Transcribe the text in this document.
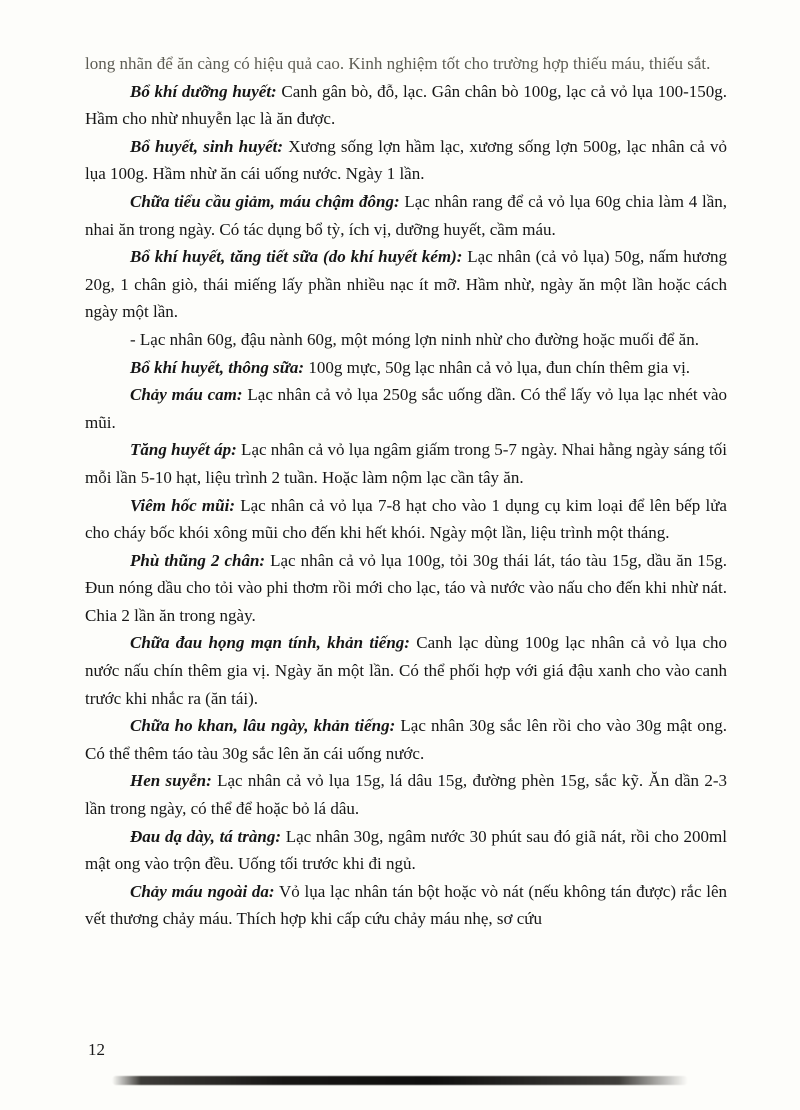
long nhãn để ăn càng có hiệu quả cao. Kinh nghiệm tốt cho trường hợp thiếu máu, thiếu sắt.

Bổ khí dưỡng huyết: Canh gân bò, đỗ, lạc. Gân chân bò 100g, lạc cả vỏ lụa 100-150g. Hầm cho nhừ nhuyễn lạc là ăn được.

Bổ huyết, sinh huyết: Xương sống lợn hầm lạc, xương sống lợn 500g, lạc nhân cả vỏ lụa 100g. Hầm nhừ ăn cái uống nước. Ngày 1 lần.

Chữa tiểu cầu giảm, máu chậm đông: Lạc nhân rang để cả vỏ lụa 60g chia làm 4 lần, nhai ăn trong ngày. Có tác dụng bổ tỳ, ích vị, dưỡng huyết, cầm máu.

Bổ khí huyết, tăng tiết sữa (do khí huyết kém): Lạc nhân (cả vỏ lụa) 50g, nấm hương 20g, 1 chân giò, thái miếng lấy phần nhiều nạc ít mỡ. Hầm nhừ, ngày ăn một lần hoặc cách ngày một lần.

- Lạc nhân 60g, đậu nành 60g, một móng lợn ninh nhừ cho đường hoặc muối để ăn.

Bổ khí huyết, thông sữa: 100g mực, 50g lạc nhân cả vỏ lụa, đun chín thêm gia vị.

Chảy máu cam: Lạc nhân cả vỏ lụa 250g sắc uống dần. Có thể lấy vỏ lụa lạc nhét vào mũi.

Tăng huyết áp: Lạc nhân cả vỏ lụa ngâm giấm trong 5-7 ngày. Nhai hằng ngày sáng tối mỗi lần 5-10 hạt, liệu trình 2 tuần. Hoặc làm nộm lạc cần tây ăn.

Viêm hốc mũi: Lạc nhân cả vỏ lụa 7-8 hạt cho vào 1 dụng cụ kim loại để lên bếp lửa cho cháy bốc khói xông mũi cho đến khi hết khói. Ngày một lần, liệu trình một tháng.

Phù thũng 2 chân: Lạc nhân cả vỏ lụa 100g, tỏi 30g thái lát, táo tàu 15g, dầu ăn 15g. Đun nóng dầu cho tỏi vào phi thơm rồi mới cho lạc, táo và nước vào nấu cho đến khi nhừ nát. Chia 2 lần ăn trong ngày.

Chữa đau họng mạn tính, khản tiếng: Canh lạc dùng 100g lạc nhân cả vỏ lụa cho nước nấu chín thêm gia vị. Ngày ăn một lần. Có thể phối hợp với giá đậu xanh cho vào canh trước khi nhắc ra (ăn tái).

Chữa ho khan, lâu ngày, khản tiếng: Lạc nhân 30g sắc lên rồi cho vào 30g mật ong. Có thể thêm táo tàu 30g sắc lên ăn cái uống nước.

Hen suyễn: Lạc nhân cả vỏ lụa 15g, lá dâu 15g, đường phèn 15g, sắc kỹ. Ăn dần 2-3 lần trong ngày, có thể để hoặc bỏ lá dâu.

Đau dạ dày, tá tràng: Lạc nhân 30g, ngâm nước 30 phút sau đó giã nát, rồi cho 200ml mật ong vào trộn đều. Uống tối trước khi đi ngủ.

Chảy máu ngoài da: Vỏ lụa lạc nhân tán bột hoặc vò nát (nếu không tán được) rắc lên vết thương chảy máu. Thích hợp khi cấp cứu chảy máu nhẹ, sơ cứu

12
